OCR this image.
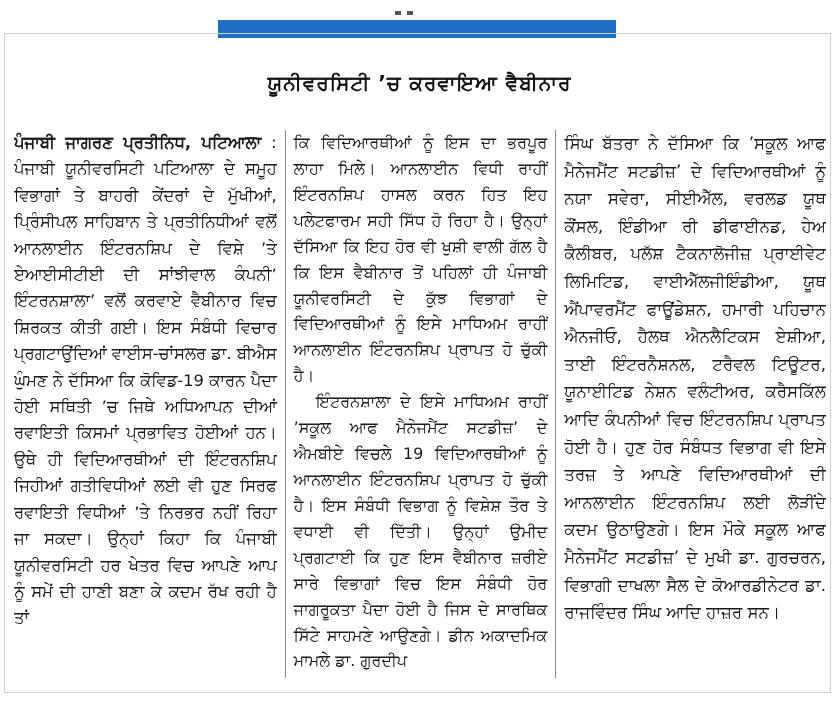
ਯੂਨੀਵਰਸਿਟੀ ’ਚ ਕਰਵਾਇਆ ਵੈਬੀਨਾਰ
ਪੰਜਾਬੀ ਜਾਗਰਣ ਪ੍ਰਤੀਨਿਧ, ਪਟਿਆਲਾ : ਪੰਜਾਬੀ ਯੂਨੀਵਰਸਿਟੀ ਪਟਿਆਲਾ ਦੇ ਸਮੂਹ ਵਿਭਾਗਾਂ ਤੇ ਬਾਹਰੀ ਕੇਂਦਰਾਂ ਦੇ ਮੁੱਖੀਆਂ, ਪ੍ਰਿੰਸੀਪਲ ਸਾਹਿਬਾਨ ਤੇ ਪ੍ਰਤੀਨਿਧੀਆਂ ਵਲੋਂ ਆਨਲਾਈਨ ਇੰਟਰਨਸ਼ਿਪ ਦੇ ਵਿਸ਼ੇ ’ਤੇ ਏਆਈਸੀਟੀਈ ਦੀ ਸਾਂਝੀਵਾਲ ਕੰਪਨੀ’ ਇੰਟਰਨਸ਼ਾਲਾ’ ਵਲੋਂ ਕਰਵਾਏ ਵੈਬੀਨਾਰ ਵਿਚ ਸ਼ਿਰਕਤ ਕੀਤੀ ਗਈ। ਇਸ ਸੰਬੰਧੀ ਵਿਚਾਰ ਪ੍ਰਗਟਾਉਂਦਿਆਂ ਵਾਈਸ-ਚਾਂਸਲਰ ਡਾ. ਬੀਐਸ ਘੁੰਮਣ ਨੇ ਦੱਸਿਆ ਕਿ ਕੋਵਿਡ-19 ਕਾਰਨ ਪੈਦਾ ਹੋਈ ਸਥਿਤੀ ’ਚ ਜਿਥੇ ਅਧਿਆਪਨ ਦੀਆਂ ਰਵਾਇਤੀ ਕਿਸਮਾਂ ਪ੍ਰਭਾਵਿਤ ਹੋਈਆਂ ਹਨ। ਉਥੇ ਹੀ ਵਿਦਿਆਰਥੀਆਂ ਦੀ ਇੰਟਰਨਸ਼ਿਪ ਜਿਹੀਆਂ ਗਤੀਵਿਧੀਆਂ ਲਈ ਵੀ ਹੁਣ ਸਿਰਫ ਰਵਾਇਤੀ ਵਿਧੀਆਂ ’ਤੇ ਨਿਰਭਰ ਨਹੀਂ ਰਿਹਾ ਜਾ ਸਕਦਾ। ਉਨ੍ਹਾਂ ਕਿਹਾ ਕਿ ਪੰਜਾਬੀ ਯੂਨੀਵਰਸਿਟੀ ਹਰ ਖੇਤਰ ਵਿਚ ਆਪਣੇ ਆਪ ਨੂੰ ਸਮੇਂ ਦੀ ਹਾਣੀ ਬਣਾ ਕੇ ਕਦਮ ਰੱਖ ਰਹੀ ਹੈ ਤਾਂ
ਕਿ ਵਿਦਿਆਰਥੀਆਂ ਨੂੰ ਇਸ ਦਾ ਭਰਪੂਰ ਲਾਹਾ ਮਿਲੇ। ਆਨਲਾਈਨ ਵਿਧੀ ਰਾਹੀਂ ਇੰਟਰਨਸ਼ਿਪ ਹਾਸਲ ਕਰਨ ਹਿਤ ਇਹ ਪਲੇਟਫਾਰਮ ਸਹੀ ਸਿੱਧ ਹੋ ਰਿਹਾ ਹੈ। ਉਨ੍ਹਾਂ ਦੱਸਿਆ ਕਿ ਇਹ ਹੋਰ ਵੀ ਖੁਸ਼ੀ ਵਾਲੀ ਗੱਲ ਹੈ ਕਿ ਇਸ ਵੈਬੀਨਾਰ ਤੋਂ ਪਹਿਲਾਂ ਹੀ ਪੰਜਾਬੀ ਯੂਨੀਵਰਸਿਟੀ ਦੇ ਕੁੱਝ ਵਿਭਾਗਾਂ ਦੇ ਵਿਦਿਆਰਥੀਆਂ ਨੂੰ ਇਸੇ ਮਾਧਿਅਮ ਰਾਹੀਂ ਆਨਲਾਈਨ ਇੰਟਰਨਸ਼ਿਪ ਪ੍ਰਾਪਤ ਹੋ ਚੁੱਕੀ ਹੈ।
ਇੰਟਰਨਸ਼ਾਲਾ ਦੇ ਇਸੇ ਮਾਧਿਅਮ ਰਾਹੀਂ ’ਸਕੂਲ ਆਫ ਮੈਨੇਜਮੈਂਟ ਸਟਡੀਜ਼’ ਦੇ ਐਮਬੀਏ ਵਿਚਲੇ 19 ਵਿਦਿਆਰਥੀਆਂ ਨੂੰ ਆਨਲਾਈਨ ਇੰਟਰਨਸ਼ਿਪ ਪ੍ਰਾਪਤ ਹੋ ਚੁੱਕੀ ਹੈ। ਇਸ ਸੰਬੰਧੀ ਵਿਭਾਗ ਨੂੰ ਵਿਸ਼ੇਸ਼ ਤੌਰ ਤੇ ਵਧਾਈ ਵੀ ਦਿੱਤੀ। ਉਨ੍ਹਾਂ ਉਮੀਦ ਪ੍ਰਗਟਾਈ ਕਿ ਹੁਣ ਇਸ ਵੈਬੀਨਾਰ ਜ਼ਰੀਏ ਸਾਰੇ ਵਿਭਾਗਾਂ ਵਿਚ ਇਸ ਸੰਬੰਧੀ ਹੋਰ ਜਾਗਰੂਕਤਾ ਪੈਦਾ ਹੋਈ ਹੈ ਜਿਸ ਦੇ ਸਾਰਥਿਕ ਸਿੱਟੇ ਸਾਹਮਣੇ ਆਉਣਗੇ। ਡੀਨ ਅਕਾਦਮਿਕ ਮਾਮਲੇ ਡਾ. ਗੁਰਦੀਪ
ਸਿੰਘ ਬੱਤਰਾ ਨੇ ਦੱਸਿਆ ਕਿ ’ਸਕੂਲ ਆਫ ਮੈਨੇਜਮੈਂਟ ਸਟਡੀਜ਼’ ਦੇ ਵਿਦਿਆਰਥੀਆਂ ਨੂੰ ਨਯਾ ਸਵੇਰਾ, ਸੀਈਐੱਲ, ਵਰਲਡ ਯੂਥ ਕੌਂਸਲ, ਇੰਡੀਆ ਰੀ ਡੀਫਾਈਨਡ, ਹੇਅ ਕੈਲੀਬਰ, ਪਲੱਸ਼ ਟੈਕਨਾਲੋਜੀਜ਼ ਪ੍ਰਾਈਵੇਟ ਲਿਮਿਟਿਡ, ਵਾਈਐੱਲਜੀਇੰਡੀਆ, ਯੂਥ ਐਂਪਾਵਰਮੈਂਟ ਫਾਊਂਡੇਸ਼ਨ, ਹਮਾਰੀ ਪਹਿਚਾਨ ਐਨਜੀਓ, ਹੈਲਥ ਐਨਲੈਟਿਕਸ ਏਸ਼ੀਆ, ਤਾਈ ਇੰਟਰਨੈਸ਼ਨਲ, ਟਰੈਵਲ ਟਿਊਟਰ, ਯੂਨਾਈਟਿਡ ਨੇਸ਼ਨ ਵਲੰਟੀਅਰ, ਕਰੈਸਕਿੱਲ ਆਦਿ ਕੰਪਨੀਆਂ ਵਿਚ ਇੰਟਰਨਸ਼ਿਪ ਪ੍ਰਾਪਤ ਹੋਈ ਹੈ। ਹੁਣ ਹੋਰ ਸੰਬੰਧਤ ਵਿਭਾਗ ਵੀ ਇਸੇ ਤਰਜ਼ ਤੇ ਆਪਣੇ ਵਿਦਿਆਰਥੀਆਂ ਦੀ ਆਨਲਾਈਨ ਇੰਟਰਨਸ਼ਿਪ ਲਈ ਲੋੜੀਂਦੇ ਕਦਮ ਉਠਾਉਣਗੇ। ਇਸ ਮੌਕੇ ਸਕੂਲ ਆਫ ਮੈਨੇਜਮੈਂਟ ਸਟਡੀਜ਼’ ਦੇ ਮੁਖੀ ਡਾ. ਗੁਰਚਰਨ, ਵਿਭਾਗੀ ਦਾਖਲਾ ਸੈਲ ਦੇ ਕੋਆਰਡੀਨੇਟਰ ਡਾ. ਰਾਜਵਿੰਦਰ ਸਿੰਘ ਆਦਿ ਹਾਜ਼ਰ ਸਨ।
